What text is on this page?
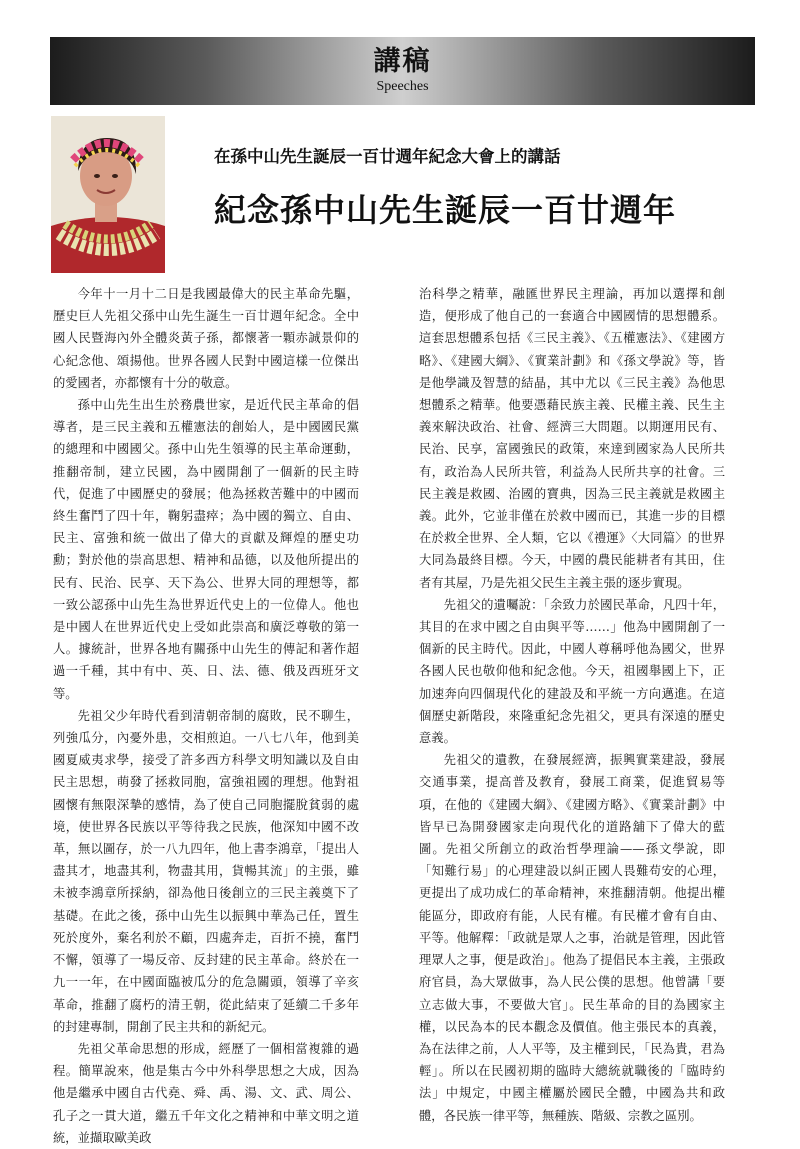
講稿
Speeches
在孫中山先生誕辰一百廿週年紀念大會上的講話
紀念孫中山先生誕辰一百廿週年

今年十一月十二日是我國最偉大的民主革命先驅，歷史巨人先祖父孫中山先生誕生一百廿週年紀念。全中國人民暨海內外全體炎黃子孫，都懷著一顆赤誠景仰的心紀念他、頌揚他。世界各國人民對中國這樣一位傑出的愛國者，亦都懷有十分的敬意。

孫中山先生出生於務農世家，是近代民主革命的倡導者，是三民主義和五權憲法的創始人，是中國國民黨的總理和中國國父。孫中山先生領導的民主革命運動，推翻帝制，建立民國，為中國開創了一個新的民主時代，促進了中國歷史的發展；他為拯救苦難中的中國而終生奮鬥了四十年，鞠躬盡瘁；為中國的獨立、自由、民主、富強和統一做出了偉大的貢獻及輝煌的歷史功勳；對於他的崇高思想、精神和品德，以及他所提出的民有、民治、民享、天下為公、世界大同的理想等，都一致公認孫中山先生為世界近代史上的一位偉人。他也是中國人在世界近代史上受如此崇高和廣泛尊敬的第一人。據統計，世界各地有關孫中山先生的傳記和著作超過一千種，其中有中、英、日、法、德、俄及西班牙文等。

先祖父少年時代看到清朝帝制的腐敗，民不聊生，列強瓜分，內憂外患，交相煎迫。一八七八年，他到美國夏威夷求學，接受了許多西方科學文明知識以及自由民主思想，萌發了拯救同胞，富強祖國的理想。他對祖國懷有無限深摯的感情，為了使自己同胞擺脫貧弱的處境，使世界各民族以平等待我之民族，他深知中國不改革，無以圖存，於一八九四年，他上書李鴻章，「提出人盡其才，地盡其利，物盡其用，貨暢其流」的主張，雖未被李鴻章所採納，卻為他日後創立的三民主義奠下了基礎。在此之後，孫中山先生以振興中華為己任，置生死於度外，棄名利於不顧，四處奔走，百折不撓，奮鬥不懈，領導了一場反帝、反封建的民主革命。終於在一九一一年，在中國面臨被瓜分的危急關頭，領導了辛亥革命，推翻了腐朽的清王朝，從此結束了延續二千多年的封建專制，開創了民主共和的新紀元。

先祖父革命思想的形成，經歷了一個相當複雜的過程。簡單說來，他是集古今中外科學思想之大成，因為他是繼承中國自古代堯、舜、禹、湯、文、武、周公、孔子之一貫大道，繼五千年文化之精神和中華文明之道統，並擷取歐美政

治科學之精華，融匯世界民主理論，再加以選擇和創造，便形成了他自己的一套適合中國國情的思想體系。這套思想體系包括《三民主義》、《五權憲法》、《建國方略》、《建國大綱》、《實業計劃》和《孫文學說》等，皆是他學識及智慧的結晶，其中尤以《三民主義》為他思想體系之精華。他要憑藉民族主義、民權主義、民生主義來解決政治、社會、經濟三大問題。以期運用民有、民治、民享，富國強民的政策，來達到國家為人民所共有，政治為人民所共管，利益為人民所共享的社會。三民主義是救國、治國的寶典，因為三民主義就是救國主義。此外，它並非僅在於救中國而已，其進一步的目標在於救全世界、全人類，它以《禮運》〈大同篇〉的世界大同為最終目標。今天，中國的農民能耕者有其田，住者有其屋，乃是先祖父民生主義主張的逐步實現。

先祖父的遺囑說：「余致力於國民革命，凡四十年，其目的在求中國之自由與平等……」他為中國開創了一個新的民主時代。因此，中國人尊稱呼他為國父，世界各國人民也敬仰他和紀念他。今天，祖國舉國上下，正加速奔向四個現代化的建設及和平統一方向邁進。在這個歷史新階段，來隆重紀念先祖父，更具有深遠的歷史意義。

先祖父的遺教，在發展經濟，振興實業建設，發展交通事業，提高普及教育，發展工商業，促進貿易等項，在他的《建國大綱》、《建國方略》、《實業計劃》中皆早已為開發國家走向現代化的道路舖下了偉大的藍圖。先祖父所創立的政治哲學理論——孫文學說，即「知難行易」的心理建設以糾正國人畏難苟安的心理，更提出了成功成仁的革命精神，來推翻清朝。他提出權能區分，即政府有能，人民有權。有民權才會有自由、平等。他解釋：「政就是眾人之事，治就是管理，因此管理眾人之事，便是政治」。他為了提倡民本主義，主張政府官員，為大眾做事，為人民公僕的思想。他曾講「要立志做大事，不要做大官」。民生革命的目的為國家主權，以民為本的民本觀念及價值。他主張民本的真義，為在法律之前，人人平等，及主權到民，「民為貴，君為輕」。所以在民國初期的臨時大總統就職後的「臨時約法」中規定，中國主權屬於國民全體，中國為共和政體，各民族一律平等，無種族、階級、宗教之區別。
